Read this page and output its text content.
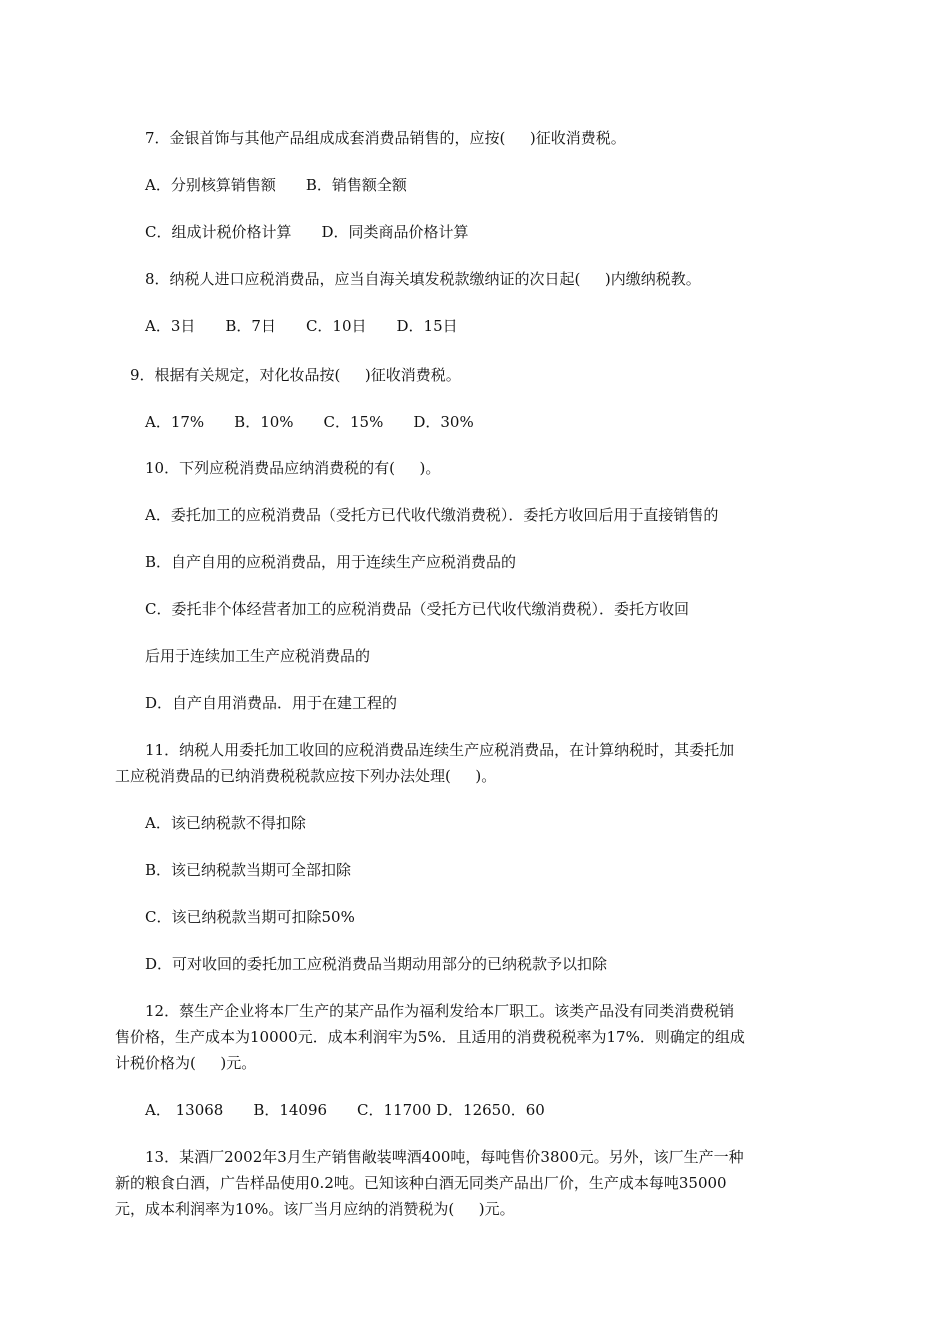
7．金银首饰与其他产品组成成套消费品销售的，应按(　  )征收消费税。
A．分别核算销售额　　B．销售额全额
C．组成计税价格计算　　D．同类商品价格计算
8．纳税人进口应税消费品，应当自海关填发税款缴纳证的次日起(　  )内缴纳税教。
A．3日　　B．7日　　C．10日　　D．15日
9．根据有关规定，对化妆品按(　  )征收消费税。
A．17%　　B．10%　　C．15%　　D．30%
10．下列应税消费品应纳消费税的有(　  )。
A．委托加工的应税消费品（受托方已代收代缴消费税）．委托方收回后用于直接销售的
B．自产自用的应税消费品，用于连续生产应税消费品的
C．委托非个体经营者加工的应税消费品（受托方已代收代缴消费税）．委托方收回
后用于连续加工生产应税消费品的
D．自产自用消费品．用于在建工程的
11．纳税人用委托加工收回的应税消费品连续生产应税消费品，在计算纳税时，其委托加
工应税消费品的已纳消费税税款应按下列办法处理(　  )。
A．该已纳税款不得扣除
B．该已纳税款当期可全部扣除
C．该已纳税款当期可扣除50%
D．可对收回的委托加工应税消费品当期动用部分的已纳税款予以扣除
12．蔡生产企业将本厂生产的某产品作为福利发给本厂职工。该类产品没有同类消费税销
售价格，生产成本为10000元．成本利润牢为5%．且适用的消费税税率为17%．则确定的组成
计税价格为(　  )元。
A． 13068　　B．14096　　C．11700 D．12650．60
13．某酒厂2002年3月生产销售敞装啤酒400吨，每吨售价3800元。另外，该厂生产一种
新的粮食白酒，广告样品使用0.2吨。已知该种白酒无同类产品出厂价，生产成本每吨35000
元，成本利润率为10%。该厂当月应纳的消赞税为(　  )元。
